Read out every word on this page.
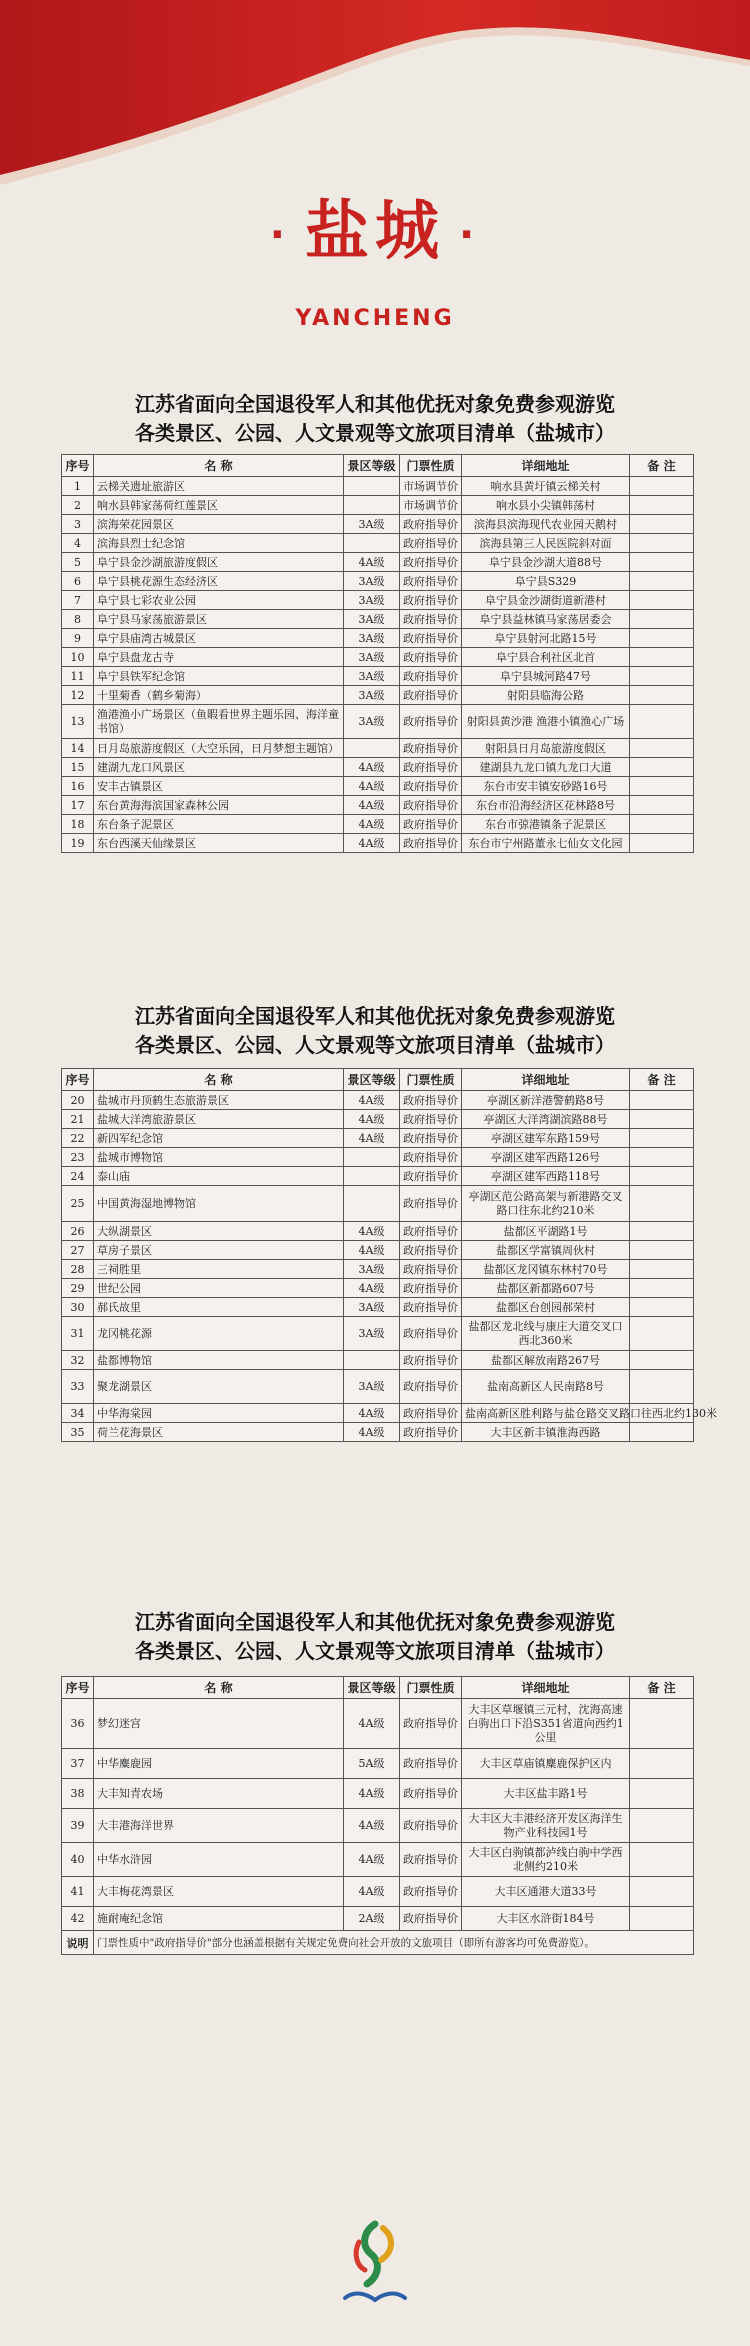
· 盐城 ·
YANCHENG
江苏省面向全国退役军人和其他优抚对象免费参观游览
各类景区、公园、人文景观等文旅项目清单（盐城市）
序号	名 称	景区等级	门票性质	详细地址	备 注
1	云梯关遗址旅游区		市场调节价	响水县黄圩镇云梯关村	
2	响水县韩家荡荷红莲景区		市场调节价	响水县小尖镇韩荡村	
3	滨海荣花园景区	3A级	政府指导价	滨海县滨海现代农业园天鹅村	
4	滨海县烈士纪念馆		政府指导价	滨海县第三人民医院斜对面	
5	阜宁县金沙湖旅游度假区	4A级	政府指导价	阜宁县金沙湖大道88号	
6	阜宁县桃花源生态经济区	3A级	政府指导价	阜宁县S329	
7	阜宁县七彩农业公园	3A级	政府指导价	阜宁县金沙湖街道新港村	
8	阜宁县马家荡旅游景区	3A级	政府指导价	阜宁县益林镇马家荡居委会	
9	阜宁县庙湾古城景区	3A级	政府指导价	阜宁县射河北路15号	
10	阜宁县盘龙古寺	3A级	政府指导价	阜宁县合利社区北首	
11	阜宁县铁军纪念馆	3A级	政府指导价	阜宁县城河路47号	
12	十里菊香（鹤乡菊海）	3A级	政府指导价	射阳县临海公路	
13	渔港渔小广场景区（鱼暇看世界主题乐园、海洋童书馆）	3A级	政府指导价	射阳县黄沙港 渔港小镇渔心广场	
14	日月岛旅游度假区（大空乐园，日月梦想主题馆）		政府指导价	射阳县日月岛旅游度假区	
15	建湖九龙口风景区	4A级	政府指导价	建湖县九龙口镇九龙口大道	
16	安丰古镇景区	4A级	政府指导价	东台市安丰镇安砂路16号	
17	东台黄海海滨国家森林公园	4A级	政府指导价	东台市沿海经济区花林路8号	
18	东台条子泥景区	4A级	政府指导价	东台市弶港镇条子泥景区	
19	东台西溪天仙缘景区	4A级	政府指导价	东台市宁州路董永七仙女文化园	
江苏省面向全国退役军人和其他优抚对象免费参观游览
各类景区、公园、人文景观等文旅项目清单（盐城市）
序号	名 称	景区等级	门票性质	详细地址	备 注
20	盐城市丹顶鹤生态旅游景区	4A级	政府指导价	亭湖区新洋港警鹤路8号	
21	盐城大洋湾旅游景区	4A级	政府指导价	亭湖区大洋湾湖滨路88号	
22	新四军纪念馆	4A级	政府指导价	亭湖区建军东路159号	
23	盐城市博物馆		政府指导价	亭湖区建军西路126号	
24	泰山庙		政府指导价	亭湖区建军西路118号	
25	中国黄海湿地博物馆		政府指导价	亭湖区范公路高架与新港路交叉路口往东北约210米	
26	大纵湖景区	4A级	政府指导价	盐都区平湖路1号	
27	草房子景区	4A级	政府指导价	盐都区学富镇周伙村	
28	三祠胜里	3A级	政府指导价	盐都区龙冈镇东林村70号	
29	世纪公园	4A级	政府指导价	盐都区新都路607号	
30	郝氏故里	3A级	政府指导价	盐都区台创园郝荣村	
31	龙冈桃花源	3A级	政府指导价	盐都区龙北线与康庄大道交叉口西北360米	
32	盐都博物馆		政府指导价	盐都区解放南路267号	
33	聚龙湖景区	3A级	政府指导价	盐南高新区人民南路8号	
34	中华海棠园	4A级	政府指导价	盐南高新区胜利路与盐仓路交叉路口往西北约130米	
35	荷兰花海景区	4A级	政府指导价	大丰区新丰镇淮海西路	
江苏省面向全国退役军人和其他优抚对象免费参观游览
各类景区、公园、人文景观等文旅项目清单（盐城市）
序号	名 称	景区等级	门票性质	详细地址	备 注
36	梦幻迷宫	4A级	政府指导价	大丰区草堰镇三元村，沈海高速白驹出口下沿S351省道向西约1公里	
37	中华麋鹿园	5A级	政府指导价	大丰区草庙镇麋鹿保护区内	
38	大丰知青农场	4A级	政府指导价	大丰区盐丰路1号	
39	大丰港海洋世界	4A级	政府指导价	大丰区大丰港经济开发区海洋生物产业科技园1号	
40	中华水浒园	4A级	政府指导价	大丰区白驹镇都泸线白驹中学西北侧约210米	
41	大丰梅花湾景区	4A级	政府指导价	大丰区通港大道33号	
42	施耐庵纪念馆	2A级	政府指导价	大丰区水浒街184号	
说明	门票性质中"政府指导价"部分也涵盖根据有关规定免费向社会开放的文旅项目（即所有游客均可免费游览）。				
